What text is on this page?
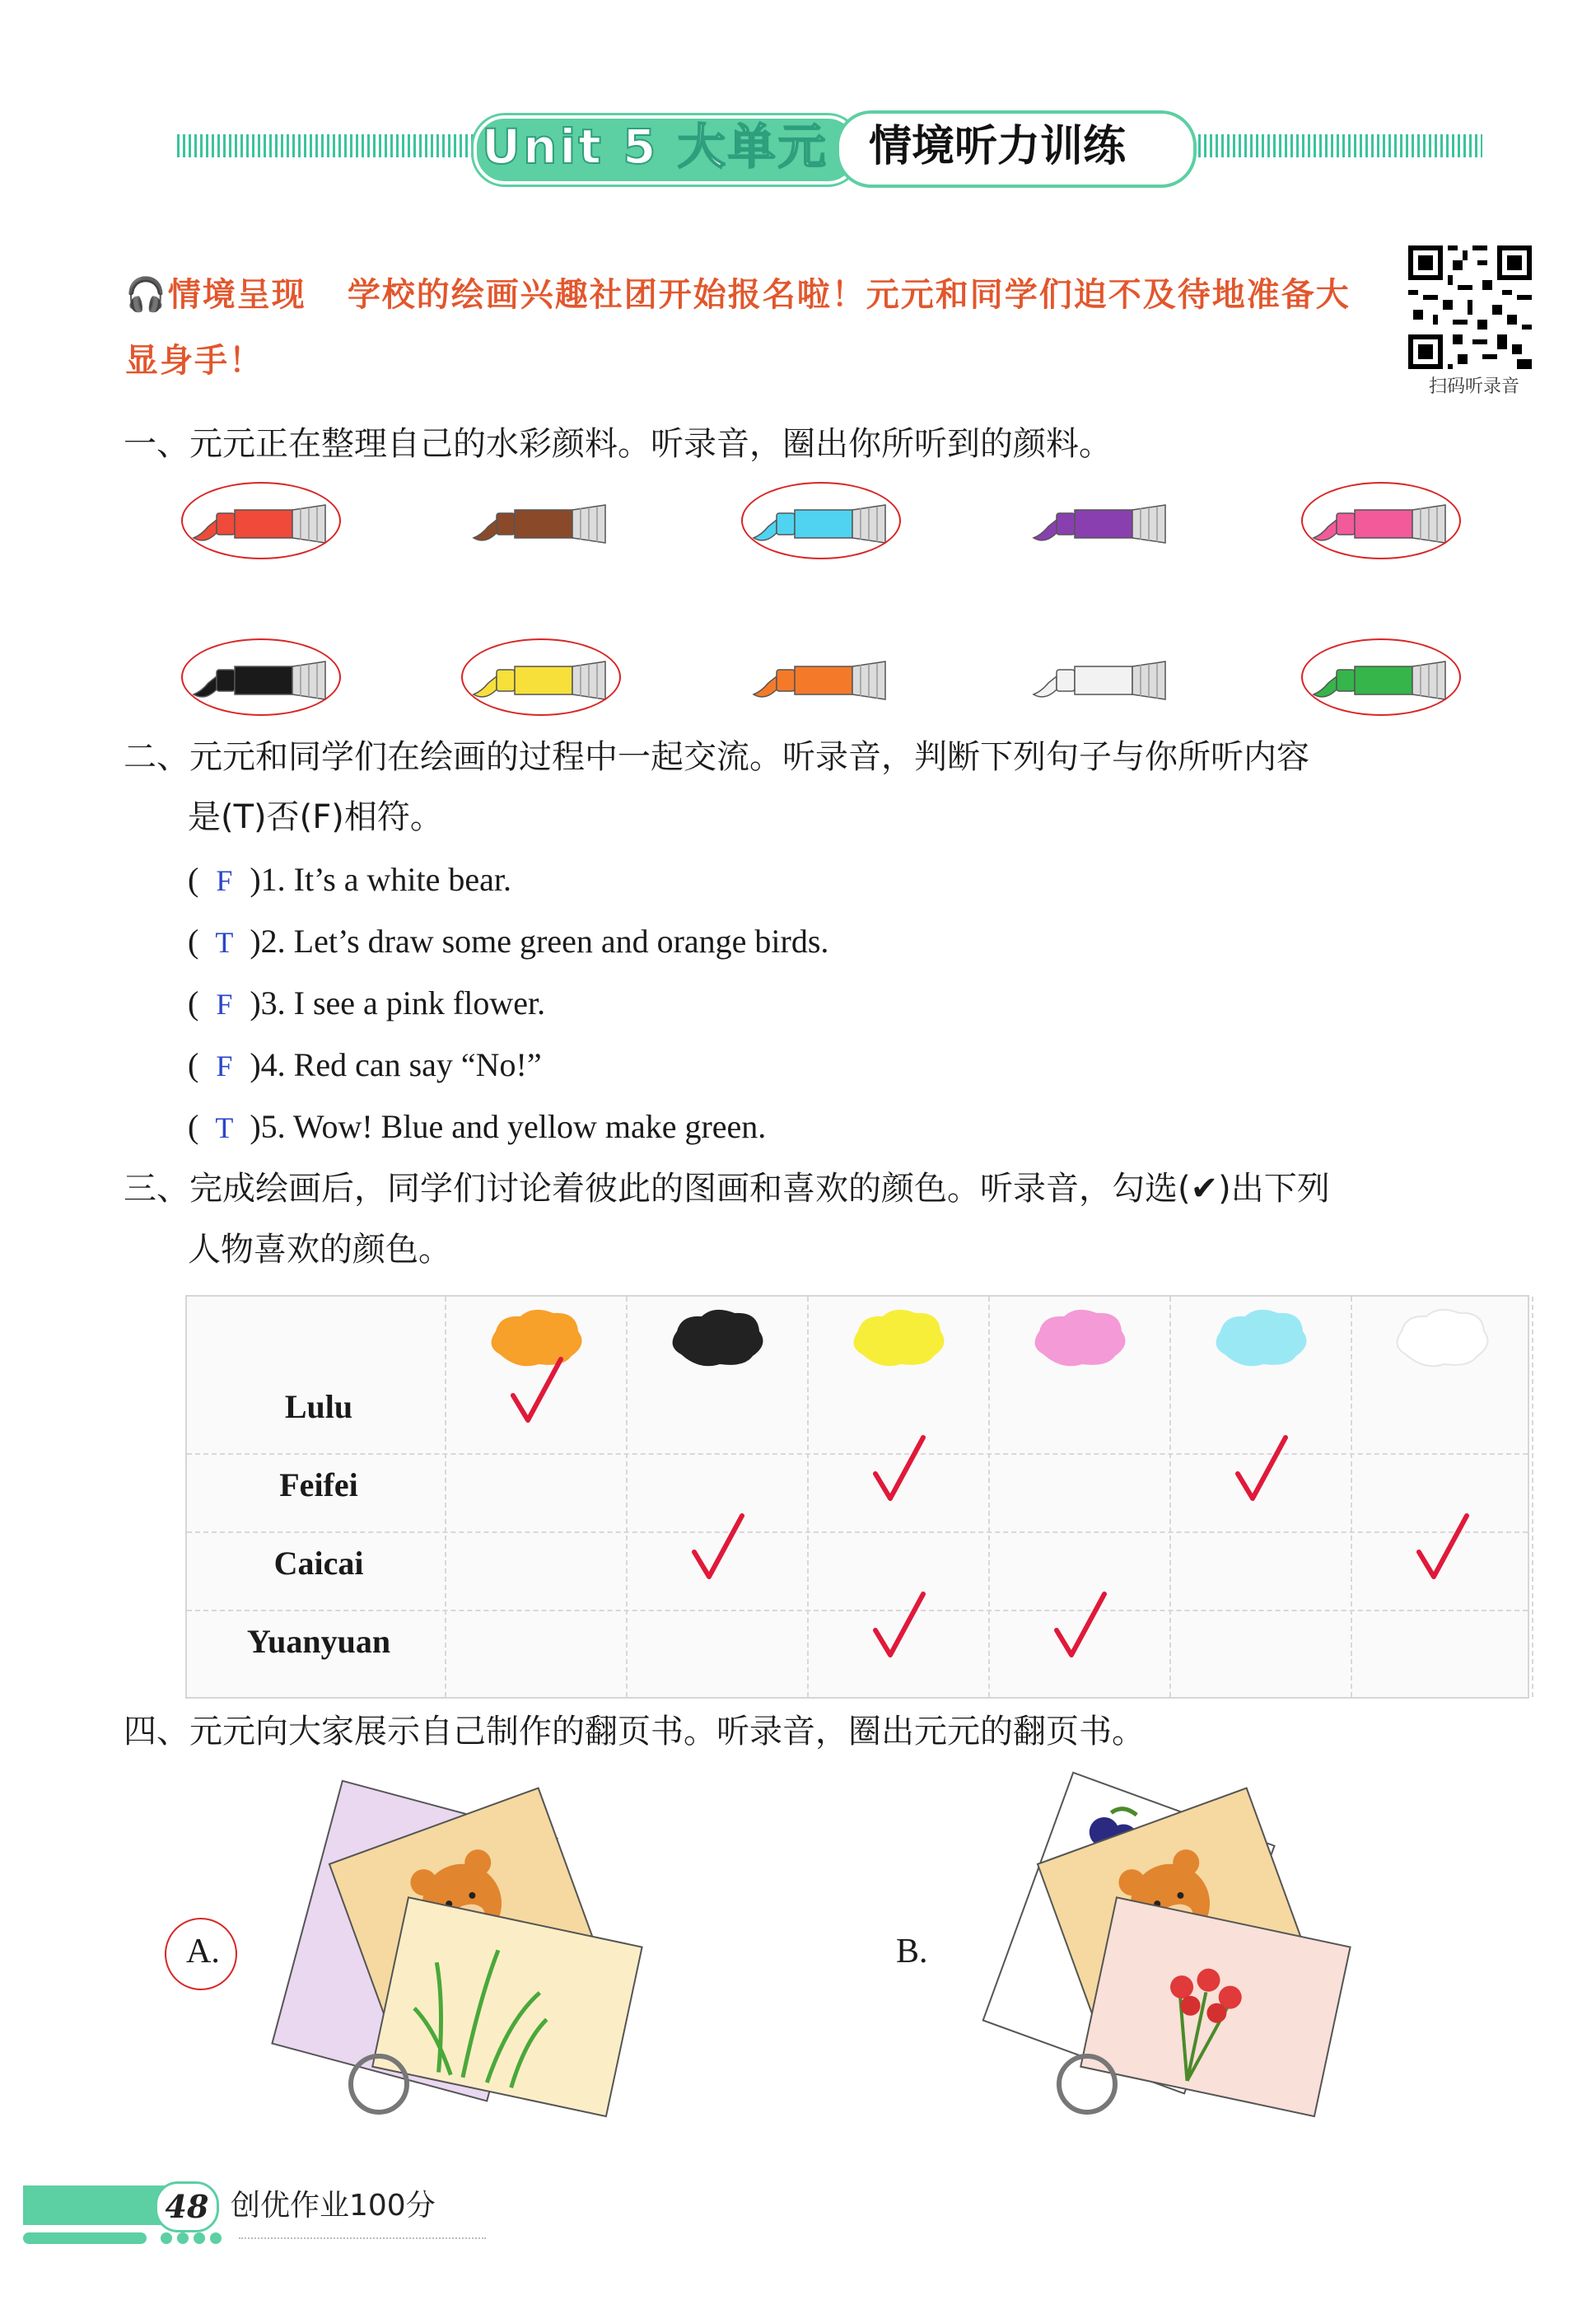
Unit 5 大单元 情境听力训练
🎧情境呈现 学校的绘画兴趣社团开始报名啦！元元和同学们迫不及待地准备大显身手！
扫码听录音
一、元元正在整理自己的水彩颜料。听录音，圈出你所听到的颜料。
二、元元和同学们在绘画的过程中一起交流。听录音，判断下列句子与你所听内容
是(T)否(F)相符。
( F )1. It’s a white bear.
( T )2. Let’s draw some green and orange birds.
( F )3. I see a pink flower.
( F )4. Red can say “No!”
( T )5. Wow! Blue and yellow make green.
三、完成绘画后，同学们讨论着彼此的图画和喜欢的颜色。听录音，勾选(✔)出下列
人物喜欢的颜色。
Lulu
Feifei
Caicai
Yuanyuan
四、元元向大家展示自己制作的翻页书。听录音，圈出元元的翻页书。
A.	B.
48 创优作业100分
